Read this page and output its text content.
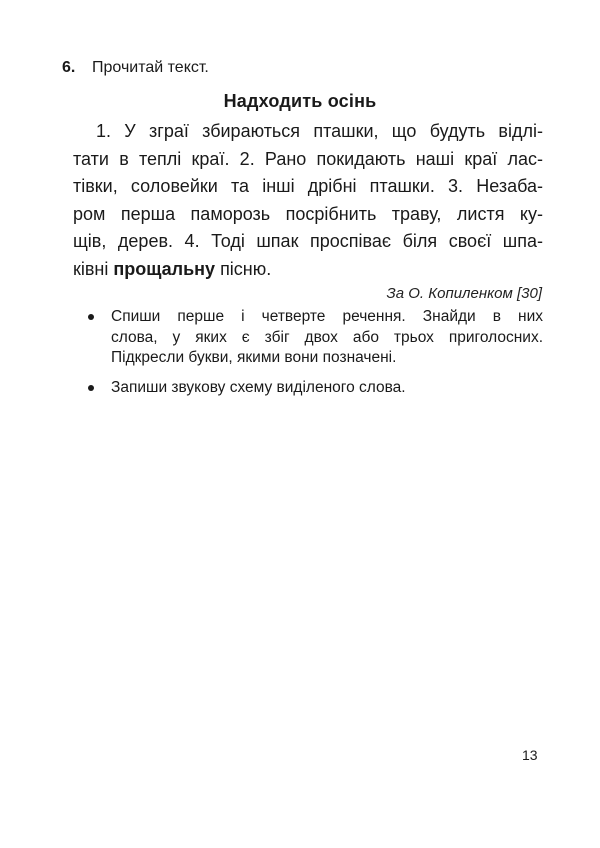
6. Прочитай текст.
Надходить осінь
1. У зграї збираються пташки, що будуть відлі-
тати в теплі краї. 2. Рано покидають наші краї лас-
тівки, соловейки та інші дрібні пташки. 3. Незаба-
ром перша паморозь посрібнить траву, листя ку-
щів, дерев. 4. Тоді шпак проспіває біля своєї шпа-
ківні прощальну пісню.
За О. Копиленком [30]
Спиши перше і четверте речення. Знайди в них
слова, у яких є збіг двох або трьох приголосних.
Підкресли букви, якими вони позначені.
Запиши звукову схему виділеного слова.
13
